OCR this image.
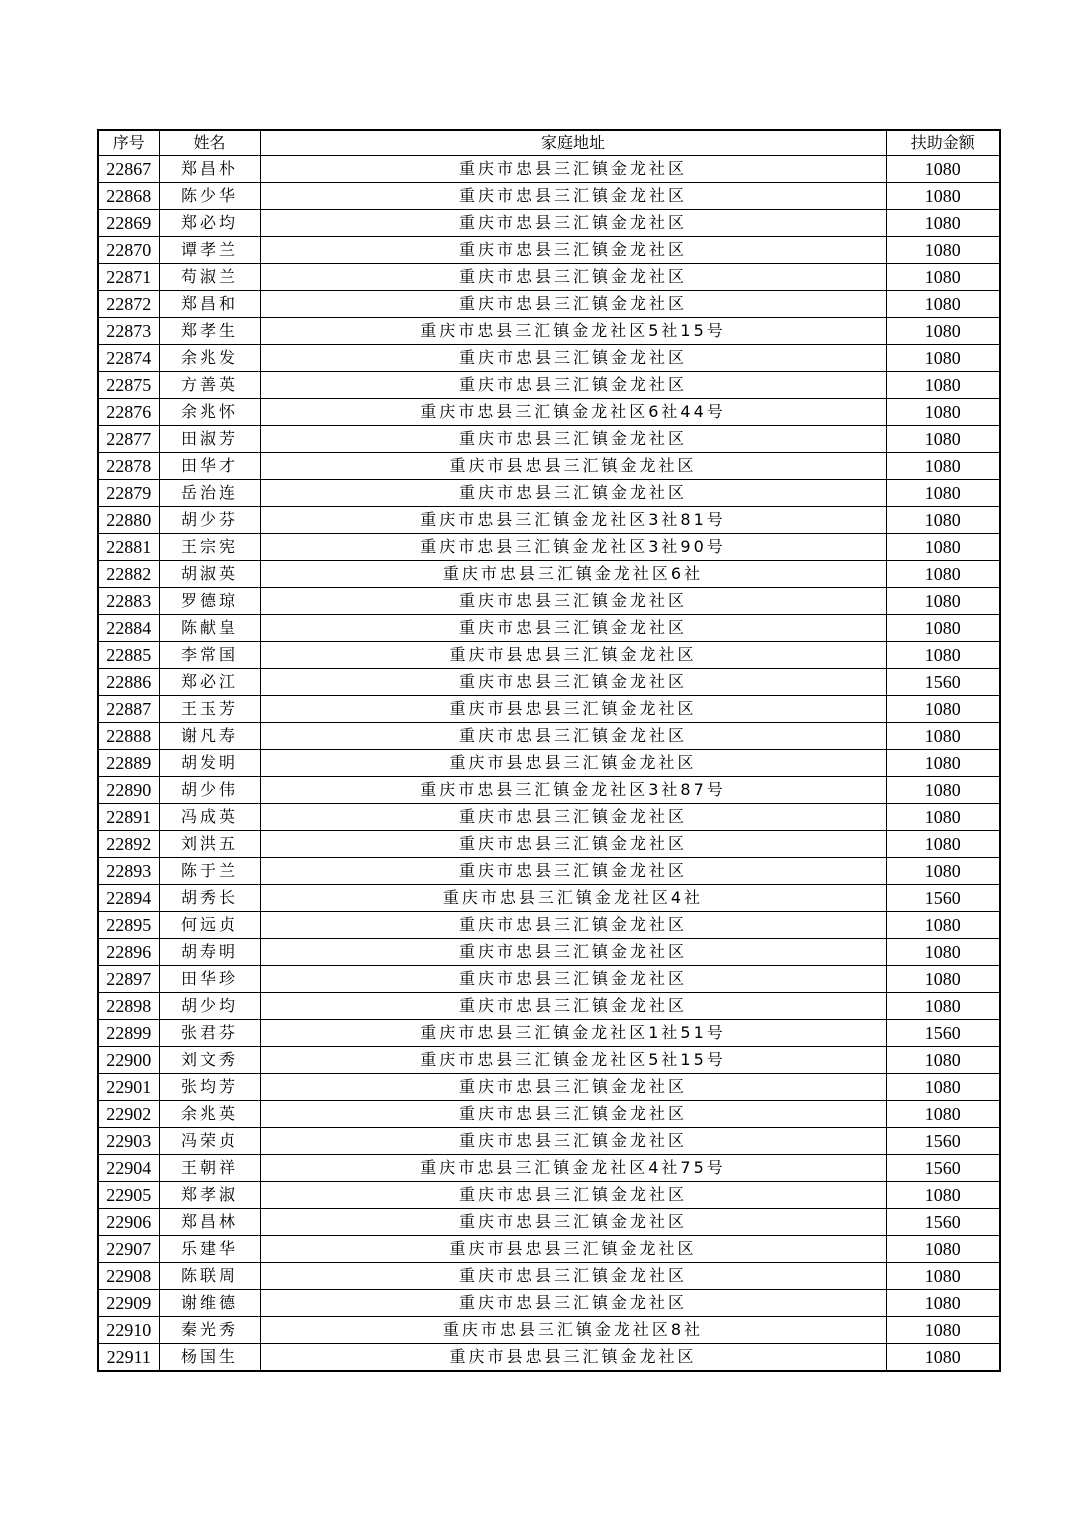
序号	姓名	家庭地址	扶助金额
22867	郑昌朴	重庆市忠县三汇镇金龙社区	1080
22868	陈少华	重庆市忠县三汇镇金龙社区	1080
22869	郑必均	重庆市忠县三汇镇金龙社区	1080
22870	谭孝兰	重庆市忠县三汇镇金龙社区	1080
22871	苟淑兰	重庆市忠县三汇镇金龙社区	1080
22872	郑昌和	重庆市忠县三汇镇金龙社区	1080
22873	郑孝生	重庆市忠县三汇镇金龙社区5社15号	1080
22874	余兆发	重庆市忠县三汇镇金龙社区	1080
22875	方善英	重庆市忠县三汇镇金龙社区	1080
22876	余兆怀	重庆市忠县三汇镇金龙社区6社44号	1080
22877	田淑芳	重庆市忠县三汇镇金龙社区	1080
22878	田华才	重庆市县忠县三汇镇金龙社区	1080
22879	岳治连	重庆市忠县三汇镇金龙社区	1080
22880	胡少芬	重庆市忠县三汇镇金龙社区3社81号	1080
22881	王宗宪	重庆市忠县三汇镇金龙社区3社90号	1080
22882	胡淑英	重庆市忠县三汇镇金龙社区6社	1080
22883	罗德琼	重庆市忠县三汇镇金龙社区	1080
22884	陈献皇	重庆市忠县三汇镇金龙社区	1080
22885	李常国	重庆市县忠县三汇镇金龙社区	1080
22886	郑必江	重庆市忠县三汇镇金龙社区	1560
22887	王玉芳	重庆市县忠县三汇镇金龙社区	1080
22888	谢凡寿	重庆市忠县三汇镇金龙社区	1080
22889	胡发明	重庆市县忠县三汇镇金龙社区	1080
22890	胡少伟	重庆市忠县三汇镇金龙社区3社87号	1080
22891	冯成英	重庆市忠县三汇镇金龙社区	1080
22892	刘洪五	重庆市忠县三汇镇金龙社区	1080
22893	陈于兰	重庆市忠县三汇镇金龙社区	1080
22894	胡秀长	重庆市忠县三汇镇金龙社区4社	1560
22895	何远贞	重庆市忠县三汇镇金龙社区	1080
22896	胡寿明	重庆市忠县三汇镇金龙社区	1080
22897	田华珍	重庆市忠县三汇镇金龙社区	1080
22898	胡少均	重庆市忠县三汇镇金龙社区	1080
22899	张君芬	重庆市忠县三汇镇金龙社区1社51号	1560
22900	刘文秀	重庆市忠县三汇镇金龙社区5社15号	1080
22901	张均芳	重庆市忠县三汇镇金龙社区	1080
22902	余兆英	重庆市忠县三汇镇金龙社区	1080
22903	冯荣贞	重庆市忠县三汇镇金龙社区	1560
22904	王朝祥	重庆市忠县三汇镇金龙社区4社75号	1560
22905	郑孝淑	重庆市忠县三汇镇金龙社区	1080
22906	郑昌林	重庆市忠县三汇镇金龙社区	1560
22907	乐建华	重庆市县忠县三汇镇金龙社区	1080
22908	陈联周	重庆市忠县三汇镇金龙社区	1080
22909	谢维德	重庆市忠县三汇镇金龙社区	1080
22910	秦光秀	重庆市忠县三汇镇金龙社区8社	1080
22911	杨国生	重庆市县忠县三汇镇金龙社区	1080
